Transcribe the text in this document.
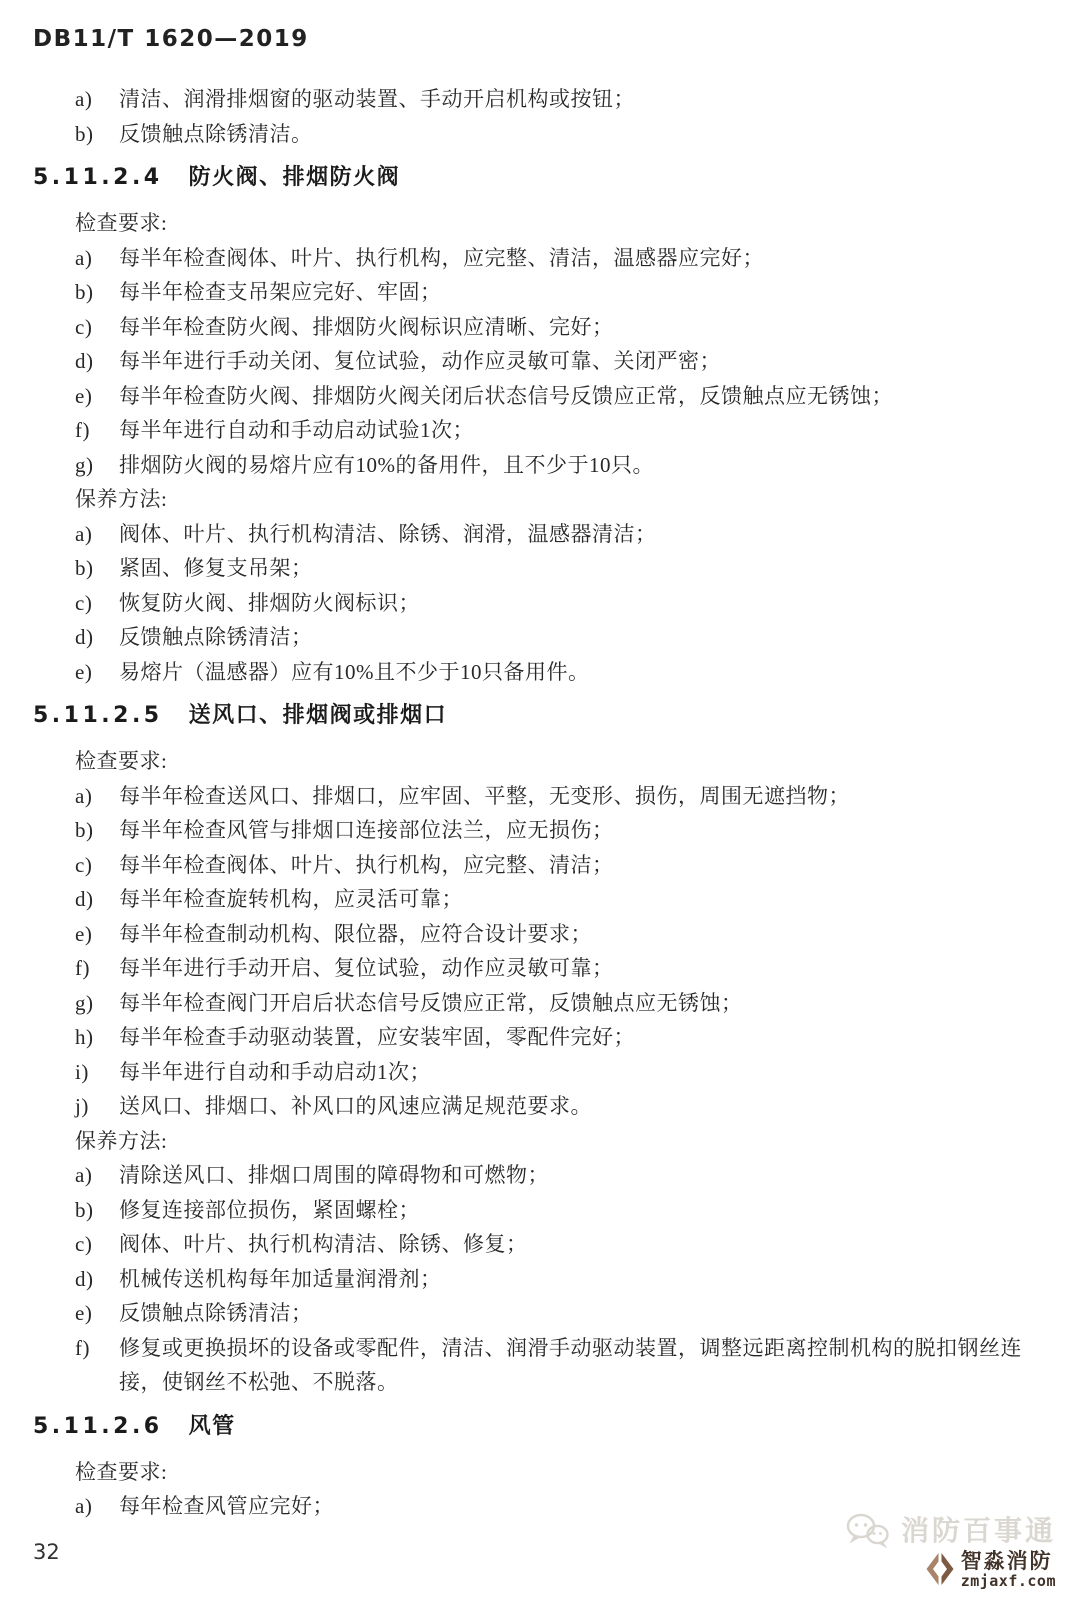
DB11/T 1620—2019
a)	清洁、润滑排烟窗的驱动装置、手动开启机构或按钮；
b)	反馈触点除锈清洁。
5.11.2.4 防火阀、排烟防火阀
检查要求:
a)	每半年检查阀体、叶片、执行机构，应完整、清洁，温感器应完好；
b)	每半年检查支吊架应完好、牢固；
c)	每半年检查防火阀、排烟防火阀标识应清晰、完好；
d)	每半年进行手动关闭、复位试验，动作应灵敏可靠、关闭严密；
e)	每半年检查防火阀、排烟防火阀关闭后状态信号反馈应正常，反馈触点应无锈蚀；
f)	每半年进行自动和手动启动试验1次；
g)	排烟防火阀的易熔片应有10%的备用件，且不少于10只。
保养方法:
a)	阀体、叶片、执行机构清洁、除锈、润滑，温感器清洁；
b)	紧固、修复支吊架；
c)	恢复防火阀、排烟防火阀标识；
d)	反馈触点除锈清洁；
e)	易熔片（温感器）应有10%且不少于10只备用件。
5.11.2.5 送风口、排烟阀或排烟口
检查要求:
a)	每半年检查送风口、排烟口，应牢固、平整，无变形、损伤，周围无遮挡物；
b)	每半年检查风管与排烟口连接部位法兰，应无损伤；
c)	每半年检查阀体、叶片、执行机构，应完整、清洁；
d)	每半年检查旋转机构，应灵活可靠；
e)	每半年检查制动机构、限位器，应符合设计要求；
f)	每半年进行手动开启、复位试验，动作应灵敏可靠；
g)	每半年检查阀门开启后状态信号反馈应正常，反馈触点应无锈蚀；
h)	每半年检查手动驱动装置，应安装牢固，零配件完好；
i)	每半年进行自动和手动启动1次；
j)	送风口、排烟口、补风口的风速应满足规范要求。
保养方法:
a)	清除送风口、排烟口周围的障碍物和可燃物；
b)	修复连接部位损伤，紧固螺栓；
c)	阀体、叶片、执行机构清洁、除锈、修复；
d)	机械传送机构每年加适量润滑剂；
e)	反馈触点除锈清洁；
f)	修复或更换损坏的设备或零配件，清洁、润滑手动驱动装置，调整远距离控制机构的脱扣钢丝连接，使钢丝不松弛、不脱落。
5.11.2.6 风管
检查要求:
a)	每年检查风管应完好；
32
消防百事通
智淼消防
zmjaxf.com
